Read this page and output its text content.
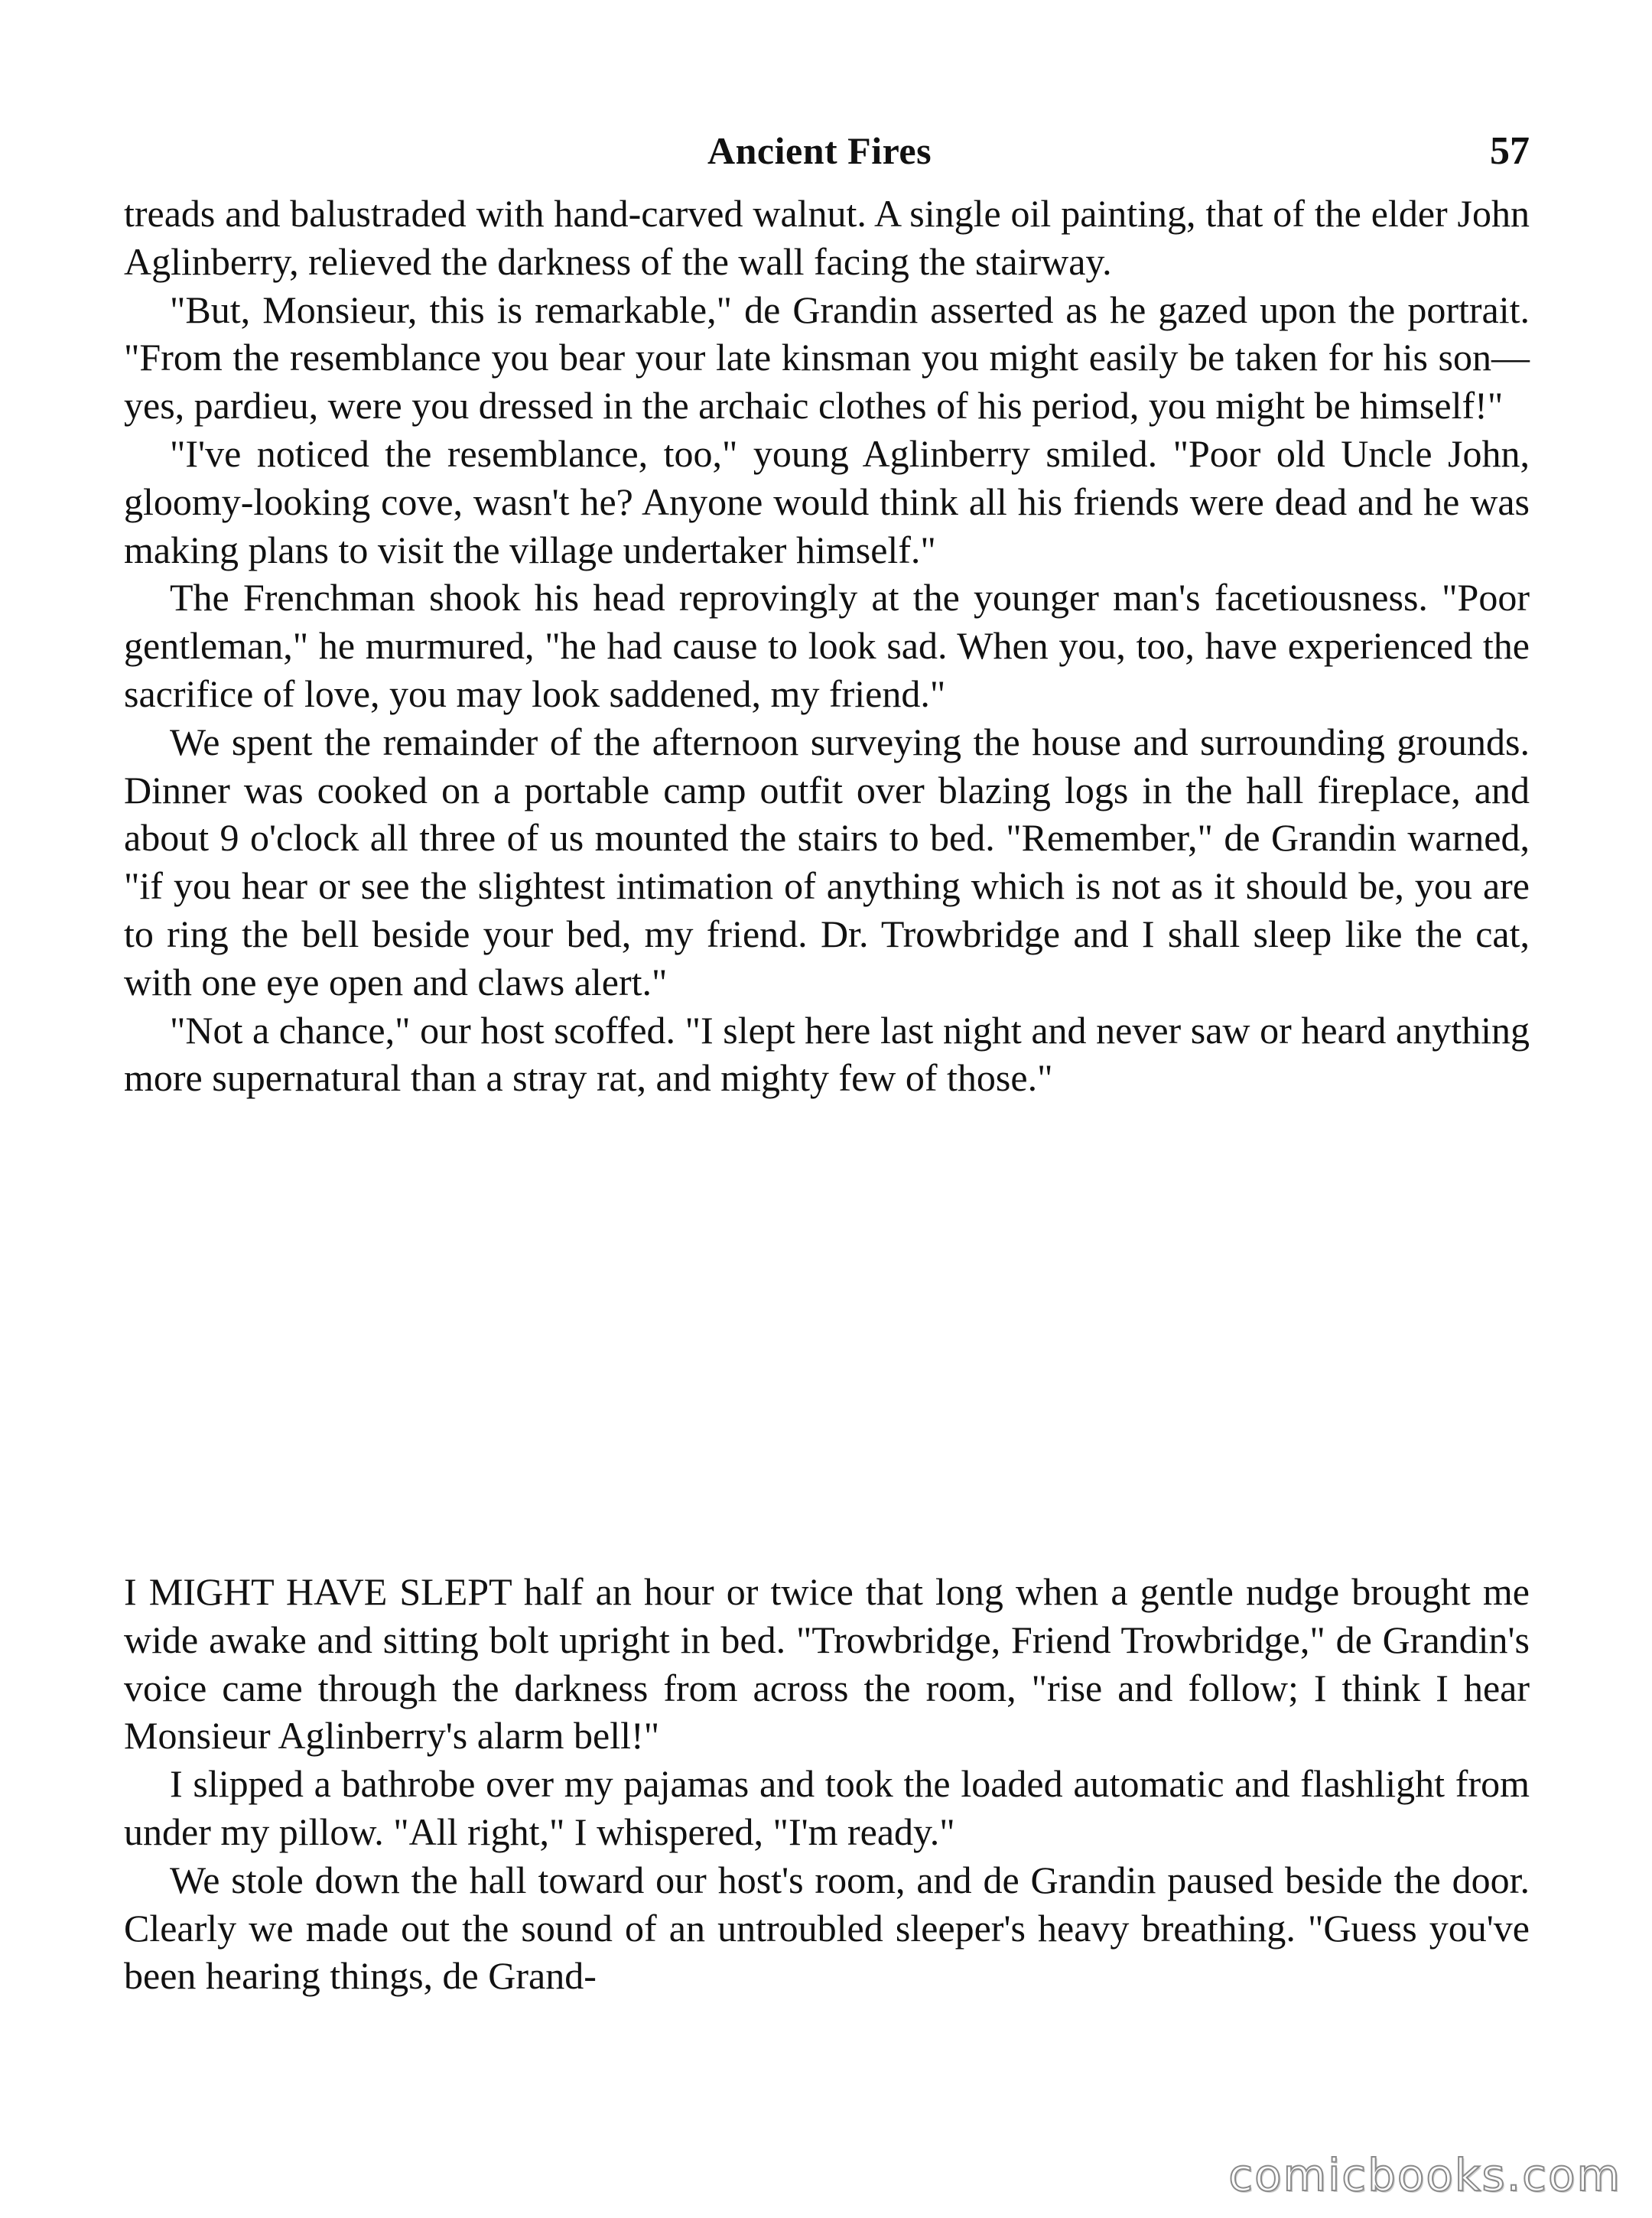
Ancient Fires	57

treads and balustraded with hand-carved walnut. A single oil painting, that of the elder John Aglinberry, relieved the darkness of the wall facing the stairway.

"But, Monsieur, this is remarkable," de Grandin asserted as he gazed upon the portrait. "From the resemblance you bear your late kinsman you might easily be taken for his son—yes, pardieu, were you dressed in the archaic clothes of his period, you might be himself!"

"I've noticed the resemblance, too," young Aglinberry smiled. "Poor old Uncle John, gloomy-looking cove, wasn't he? Anyone would think all his friends were dead and he was making plans to visit the village undertaker himself."

The Frenchman shook his head reprovingly at the younger man's facetiousness. "Poor gentleman," he murmured, "he had cause to look sad. When you, too, have experienced the sacrifice of love, you may look saddened, my friend."

We spent the remainder of the afternoon surveying the house and surrounding grounds. Dinner was cooked on a portable camp outfit over blazing logs in the hall fireplace, and about 9 o'clock all three of us mounted the stairs to bed. "Remember," de Grandin warned, "if you hear or see the slightest intimation of anything which is not as it should be, you are to ring the bell beside your bed, my friend. Dr. Trowbridge and I shall sleep like the cat, with one eye open and claws alert."

"Not a chance," our host scoffed. "I slept here last night and never saw or heard anything more supernatural than a stray rat, and mighty few of those."

I MIGHT HAVE SLEPT half an hour or twice that long when a gentle nudge brought me wide awake and sitting bolt upright in bed. "Trowbridge, Friend Trowbridge," de Grandin's voice came through the darkness from across the room, "rise and follow; I think I hear Monsieur Aglinberry's alarm bell!"

I slipped a bathrobe over my pajamas and took the loaded automatic and flashlight from under my pillow. "All right," I whispered, "I'm ready."

We stole down the hall toward our host's room, and de Grandin paused beside the door. Clearly we made out the sound of an untroubled sleeper's heavy breathing. "Guess you've been hearing things, de Grand-

comicbooks.com
